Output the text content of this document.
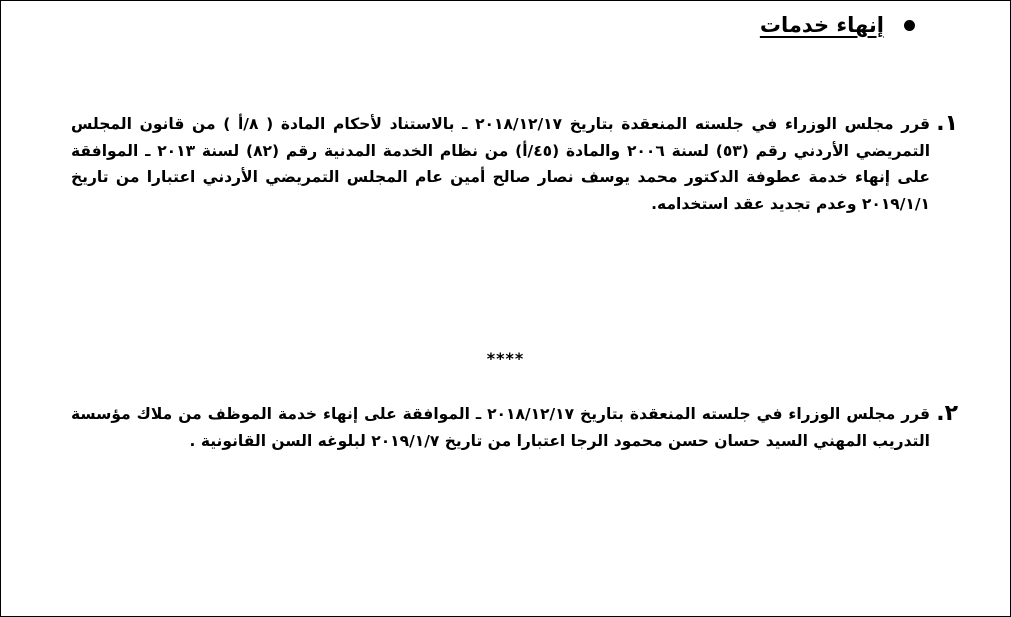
إنهاء خدمات
١.
قرر مجلس الوزراء في جلسته المنعقدة بتاريخ ٢٠١٨/١٢/١٧ ـ بالاستناد لأحكام المادة ( ٨/أ ) من قانون المجلس التمريضي الأردني رقم (٥٣) لسنة ٢٠٠٦ والمادة (٤٥/أ) من نظام الخدمة المدنية رقم (٨٢) لسنة ٢٠١٣ ـ الموافقة على إنهاء خدمة عطوفة الدكتور محمد يوسف نصار صالح أمين عام المجلس التمريضي الأردني اعتبارا من تاريخ ٢٠١٩/١/١ وعدم تجديد عقد استخدامه.
****
٢.
قرر مجلس الوزراء في جلسته المنعقدة بتاريخ ٢٠١٨/١٢/١٧ ـ الموافقة على إنهاء خدمة الموظف من ملاك مؤسسة التدريب المهني السيد حسان حسن محمود الرجا اعتبارا من تاريخ ٢٠١٩/١/٧ لبلوغه السن القانونية .
